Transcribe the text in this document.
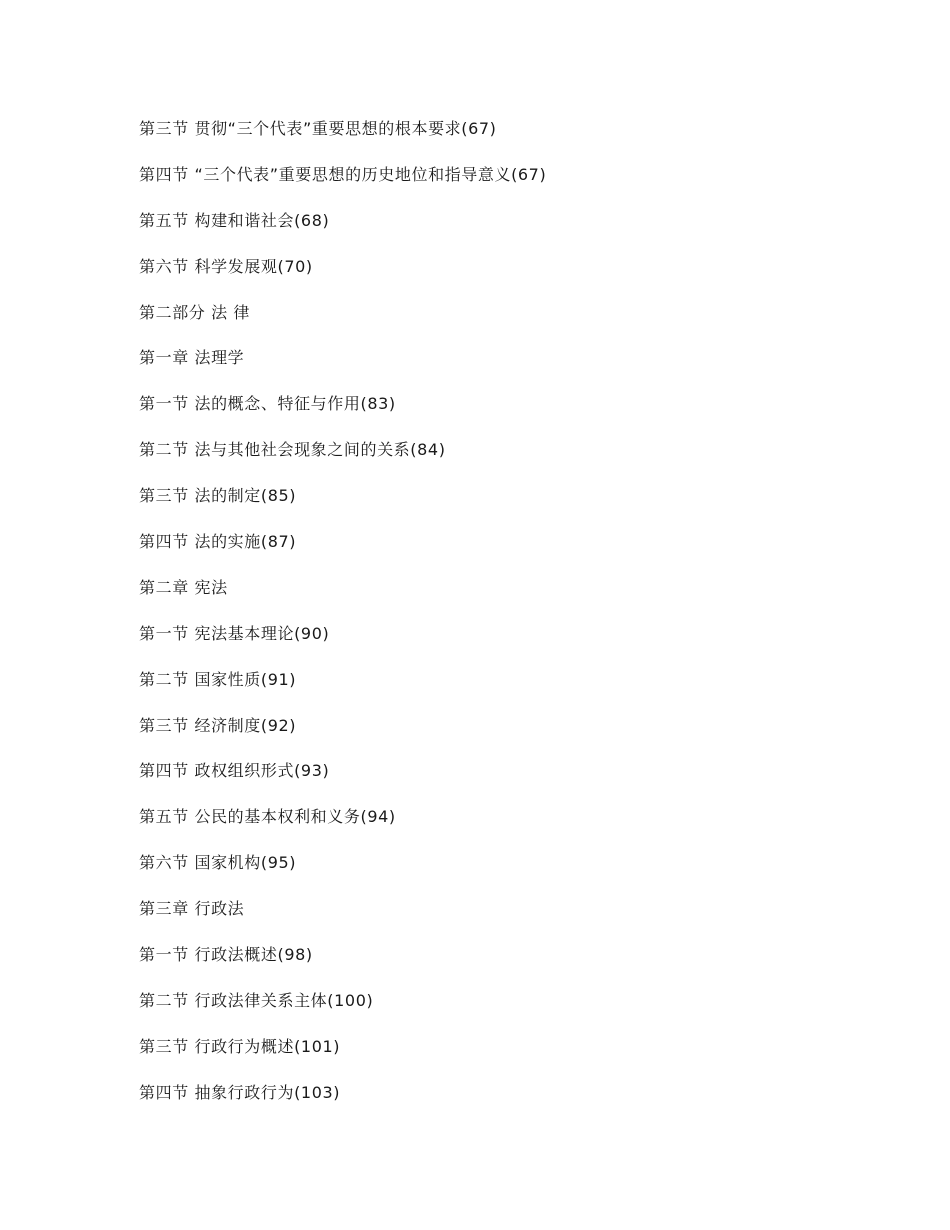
第三节 贯彻“三个代表”重要思想的根本要求(67)
第四节 “三个代表”重要思想的历史地位和指导意义(67)
第五节 构建和谐社会(68)
第六节 科学发展观(70)
第二部分 法 律
第一章 法理学
第一节 法的概念、特征与作用(83)
第二节 法与其他社会现象之间的关系(84)
第三节 法的制定(85)
第四节 法的实施(87)
第二章 宪法
第一节 宪法基本理论(90)
第二节 国家性质(91)
第三节 经济制度(92)
第四节 政权组织形式(93)
第五节 公民的基本权利和义务(94)
第六节 国家机构(95)
第三章 行政法
第一节 行政法概述(98)
第二节 行政法律关系主体(100)
第三节 行政行为概述(101)
第四节 抽象行政行为(103)
